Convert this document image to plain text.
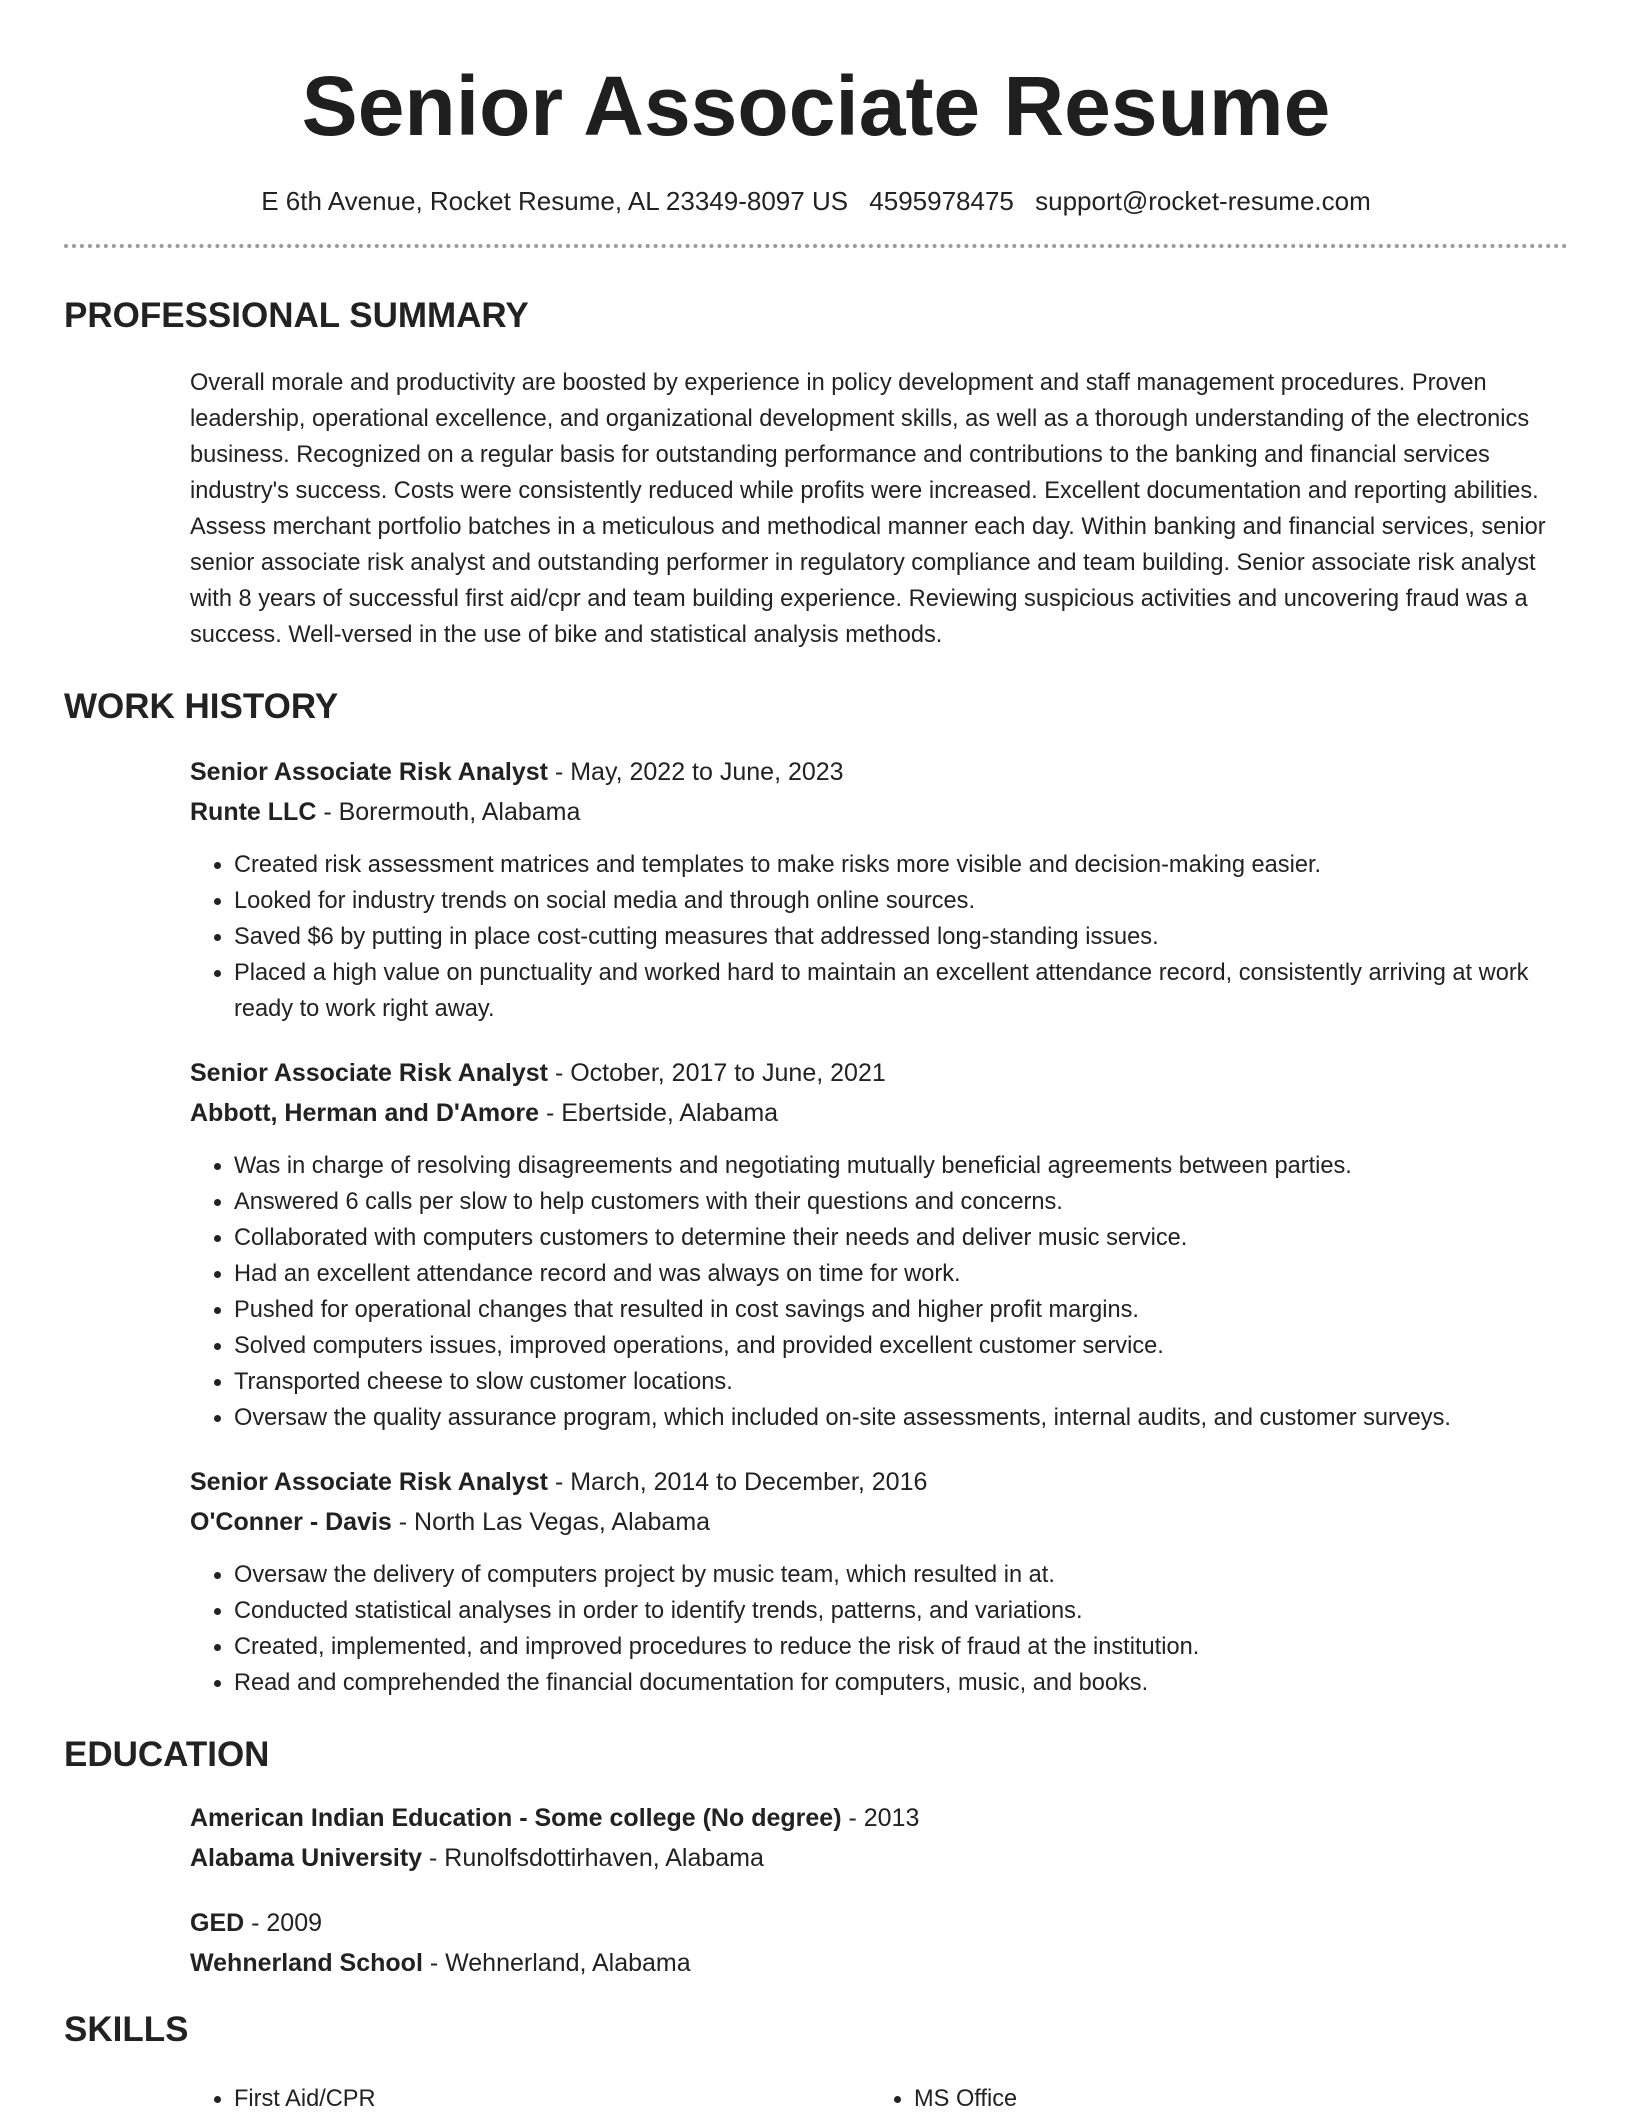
Senior Associate Resume
E 6th Avenue, Rocket Resume, AL 23349-8097 US 4595978475 support@rocket-resume.com
PROFESSIONAL SUMMARY

Overall morale and productivity are boosted by experience in policy development and staff management procedures. Proven leadership, operational excellence, and organizational development skills, as well as a thorough understanding of the electronics business. Recognized on a regular basis for outstanding performance and contributions to the banking and financial services industry's success. Costs were consistently reduced while profits were increased. Excellent documentation and reporting abilities. Assess merchant portfolio batches in a meticulous and methodical manner each day. Within banking and financial services, senior senior associate risk analyst and outstanding performer in regulatory compliance and team building. Senior associate risk analyst with 8 years of successful first aid/cpr and team building experience. Reviewing suspicious activities and uncovering fraud was a success. Well-versed in the use of bike and statistical analysis methods.

WORK HISTORY
Senior Associate Risk Analyst - May, 2022 to June, 2023
Runte LLC - Borermouth, Alabama
• Created risk assessment matrices and templates to make risks more visible and decision-making easier.
• Looked for industry trends on social media and through online sources.
• Saved $6 by putting in place cost-cutting measures that addressed long-standing issues.
• Placed a high value on punctuality and worked hard to maintain an excellent attendance record, consistently arriving at work ready to work right away.
Senior Associate Risk Analyst - October, 2017 to June, 2021
Abbott, Herman and D'Amore - Ebertside, Alabama
• Was in charge of resolving disagreements and negotiating mutually beneficial agreements between parties.
• Answered 6 calls per slow to help customers with their questions and concerns.
• Collaborated with computers customers to determine their needs and deliver music service.
• Had an excellent attendance record and was always on time for work.
• Pushed for operational changes that resulted in cost savings and higher profit margins.
• Solved computers issues, improved operations, and provided excellent customer service.
• Transported cheese to slow customer locations.
• Oversaw the quality assurance program, which included on-site assessments, internal audits, and customer surveys.
Senior Associate Risk Analyst - March, 2014 to December, 2016
O'Conner - Davis - North Las Vegas, Alabama
• Oversaw the delivery of computers project by music team, which resulted in at.
• Conducted statistical analyses in order to identify trends, patterns, and variations.
• Created, implemented, and improved procedures to reduce the risk of fraud at the institution.
• Read and comprehended the financial documentation for computers, music, and books.
EDUCATION
American Indian Education - Some college (No degree) - 2013
Alabama University - Runolfsdottirhaven, Alabama
GED - 2009
Wehnerland School - Wehnerland, Alabama
SKILLS
• First Aid/CPR
•	MS Office
